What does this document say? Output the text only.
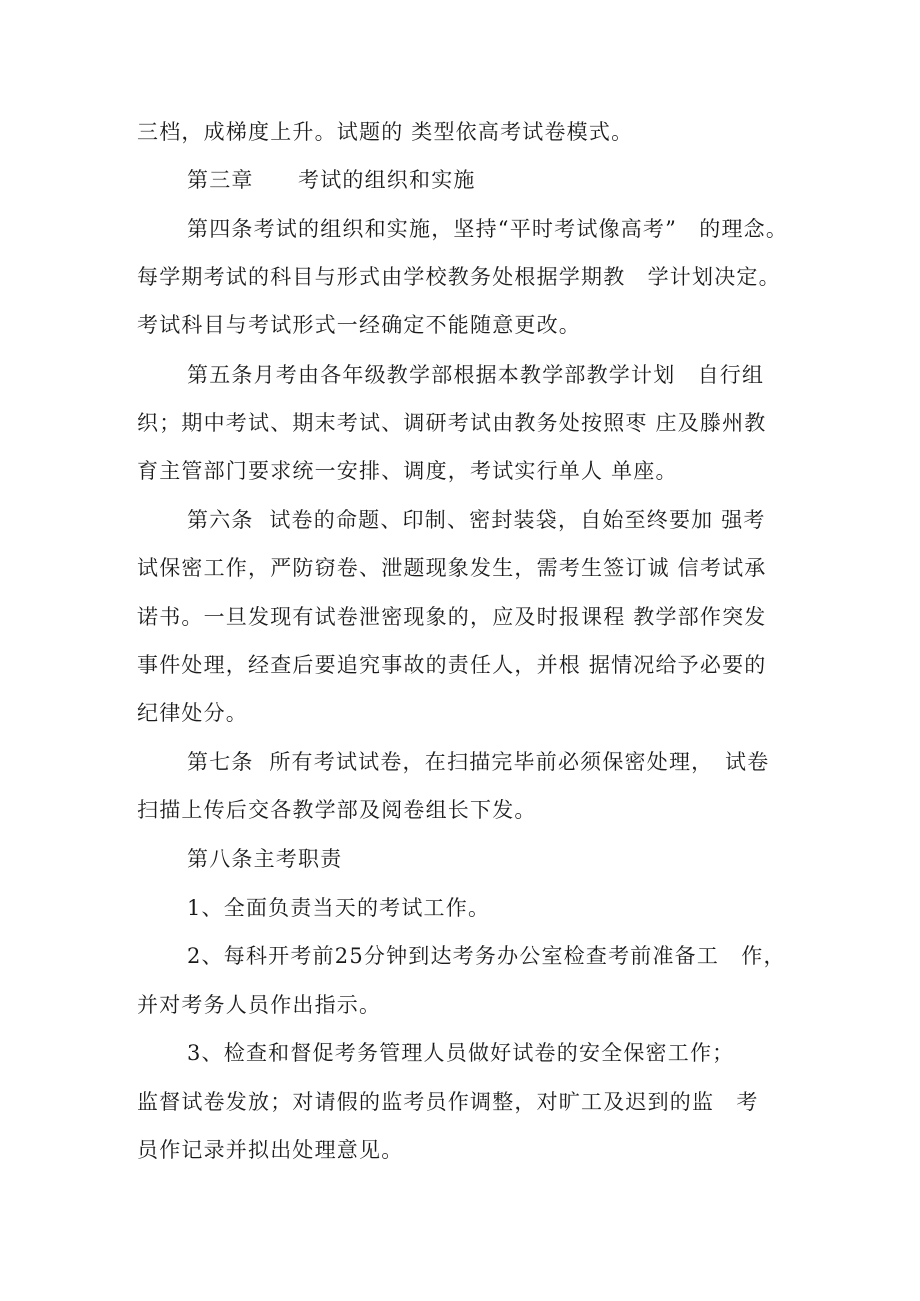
三档，成梯度上升。试题的 类型依高考试卷模式。
第三章　　考试的组织和实施
第四条考试的组织和实施，坚持“平时考试像高考”　的理念。
每学期考试的科目与形式由学校教务处根据学期教　学计划决定。
考试科目与考试形式一经确定不能随意更改。
第五条月考由各年级教学部根据本教学部教学计划　自行组
织；期中考试、期末考试、调研考试由教务处按照枣 庄及滕州教
育主管部门要求统一安排、调度，考试实行单人 单座。
第六条  试卷的命题、印制、密封装袋，自始至终要加 强考
试保密工作，严防窃卷、泄题现象发生，需考生签订诚 信考试承
诺书。一旦发现有试卷泄密现象的，应及时报课程 教学部作突发
事件处理，经查后要追究事故的责任人，并根 据情况给予必要的
纪律处分。
第七条  所有考试试卷，在扫描完毕前必须保密处理，　试卷
扫描上传后交各教学部及阅卷组长下发。
第八条主考职责
1、全面负责当天的考试工作。
2、每科开考前25分钟到达考务办公室检查考前准备工　作，
并对考务人员作出指示。
3、检查和督促考务管理人员做好试卷的安全保密工作；
监督试卷发放；对请假的监考员作调整，对旷工及迟到的监　考
员作记录并拟出处理意见。
